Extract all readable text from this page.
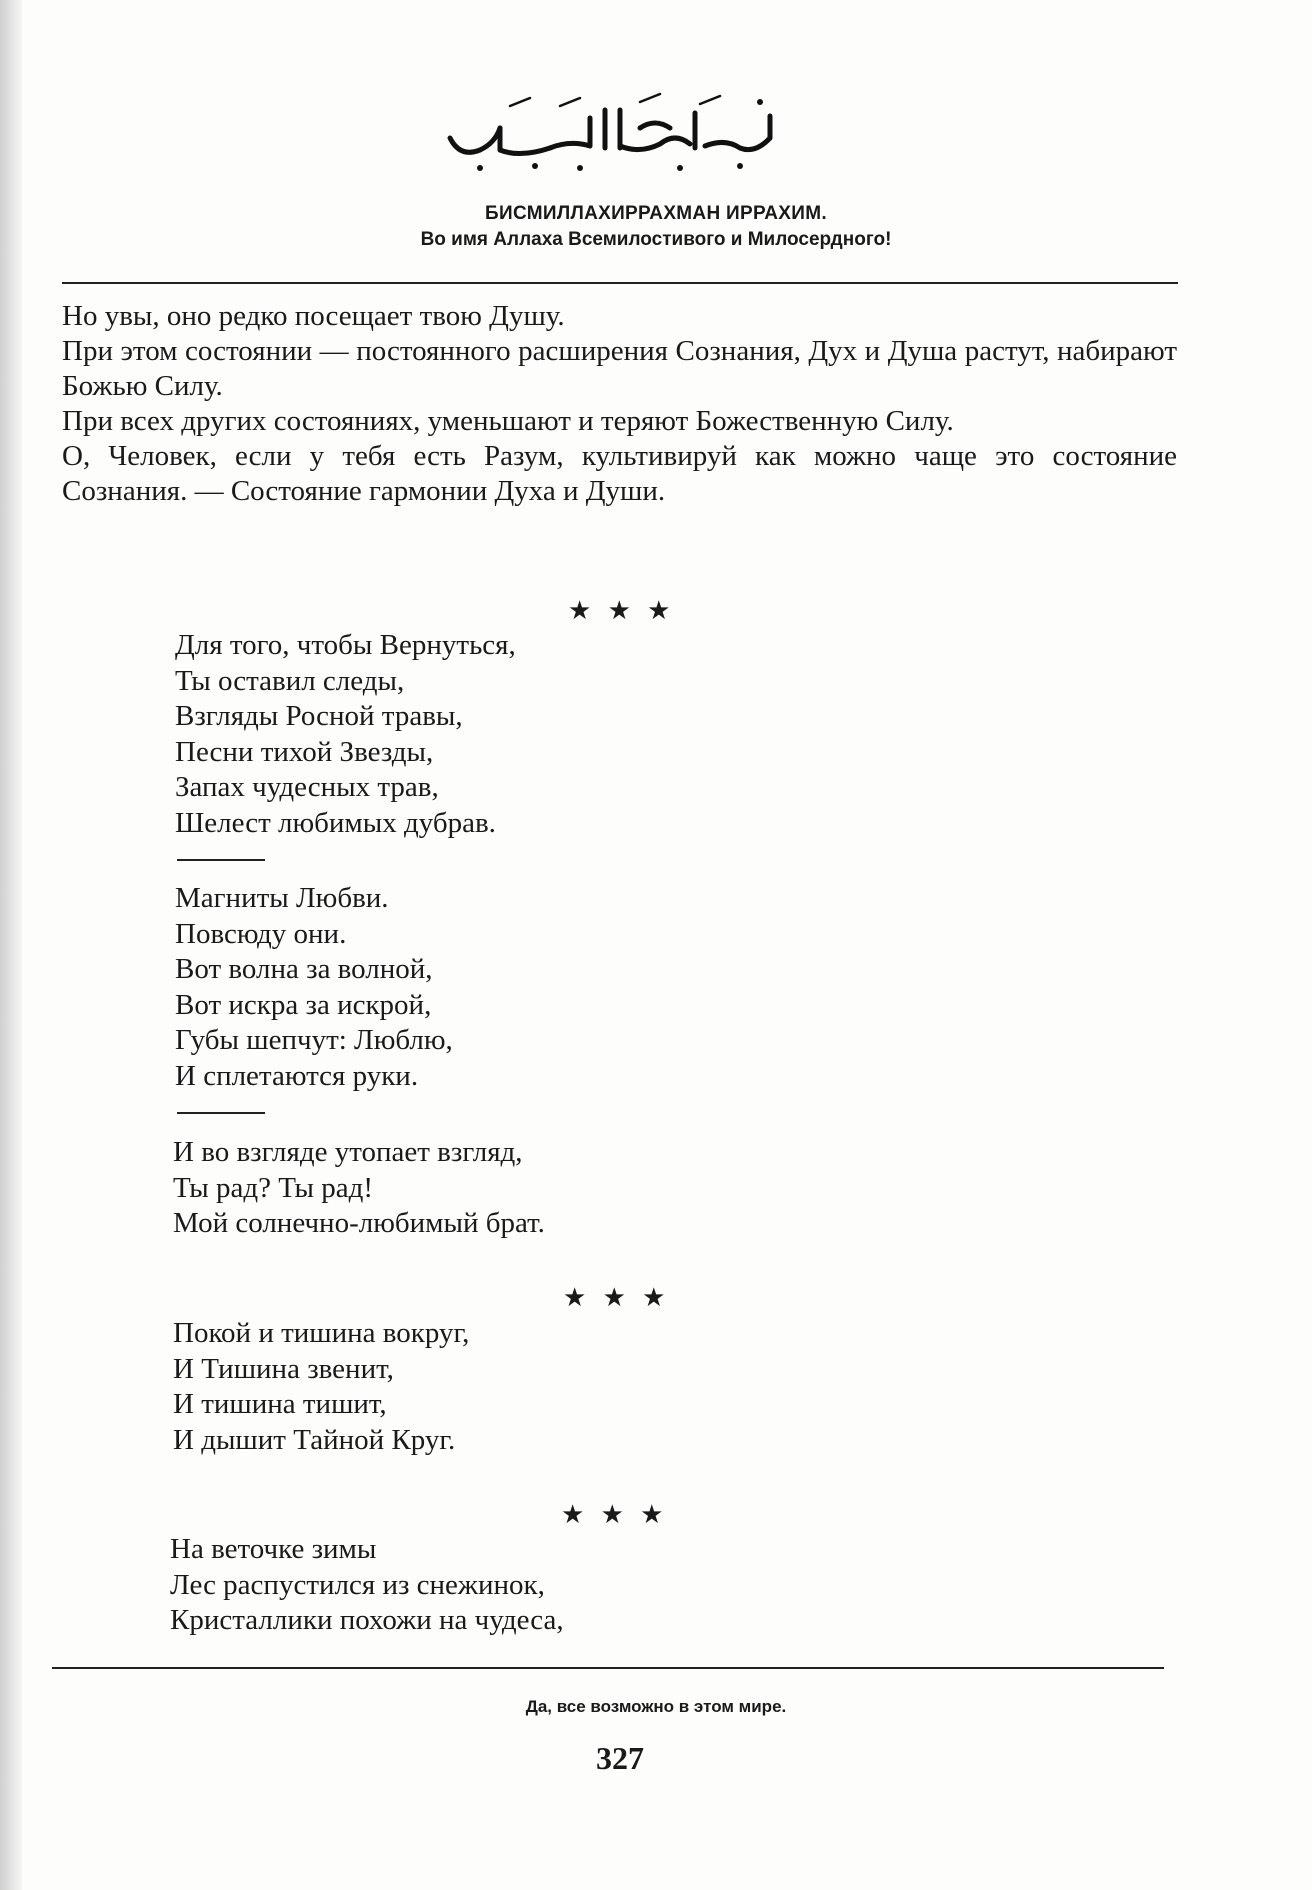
БИСМИЛЛАХИРРАХМАН ИРРАХИМ.
Во имя Аллаха Всемилостивого и Милосердного!

Но увы, оно редко посещает твою Душу.

При этом состоянии — постоянного расширения Сознания, Дух и Душа растут, набирают Божью Силу.

При всех других состояниях, уменьшают и теряют Божественную Силу.

О, Человек, если у тебя есть Разум, культивируй как можно чаще это состояние Сознания. — Состояние гармонии Духа и Души.

★ ★ ★
Для того, чтобы Вернуться,
Ты оставил следы,
Взгляды Росной травы,
Песни тихой Звезды,
Запах чудесных трав,
Шелест любимых дубрав.
Магниты Любви.
Повсюду они.
Вот волна за волной,
Вот искра за искрой,
Губы шепчут: Люблю,
И сплетаются руки.
И во взгляде утопает взгляд,
Ты рад? Ты рад!
Мой солнечно-любимый брат.
★ ★ ★
Покой и тишина вокруг,
И Тишина звенит,
И тишина тишит,
И дышит Тайной Круг.
★ ★ ★
На веточке зимы
Лес распустился из снежинок,
Кристаллики похожи на чудеса,
Да, все возможно в этом мире.
327
